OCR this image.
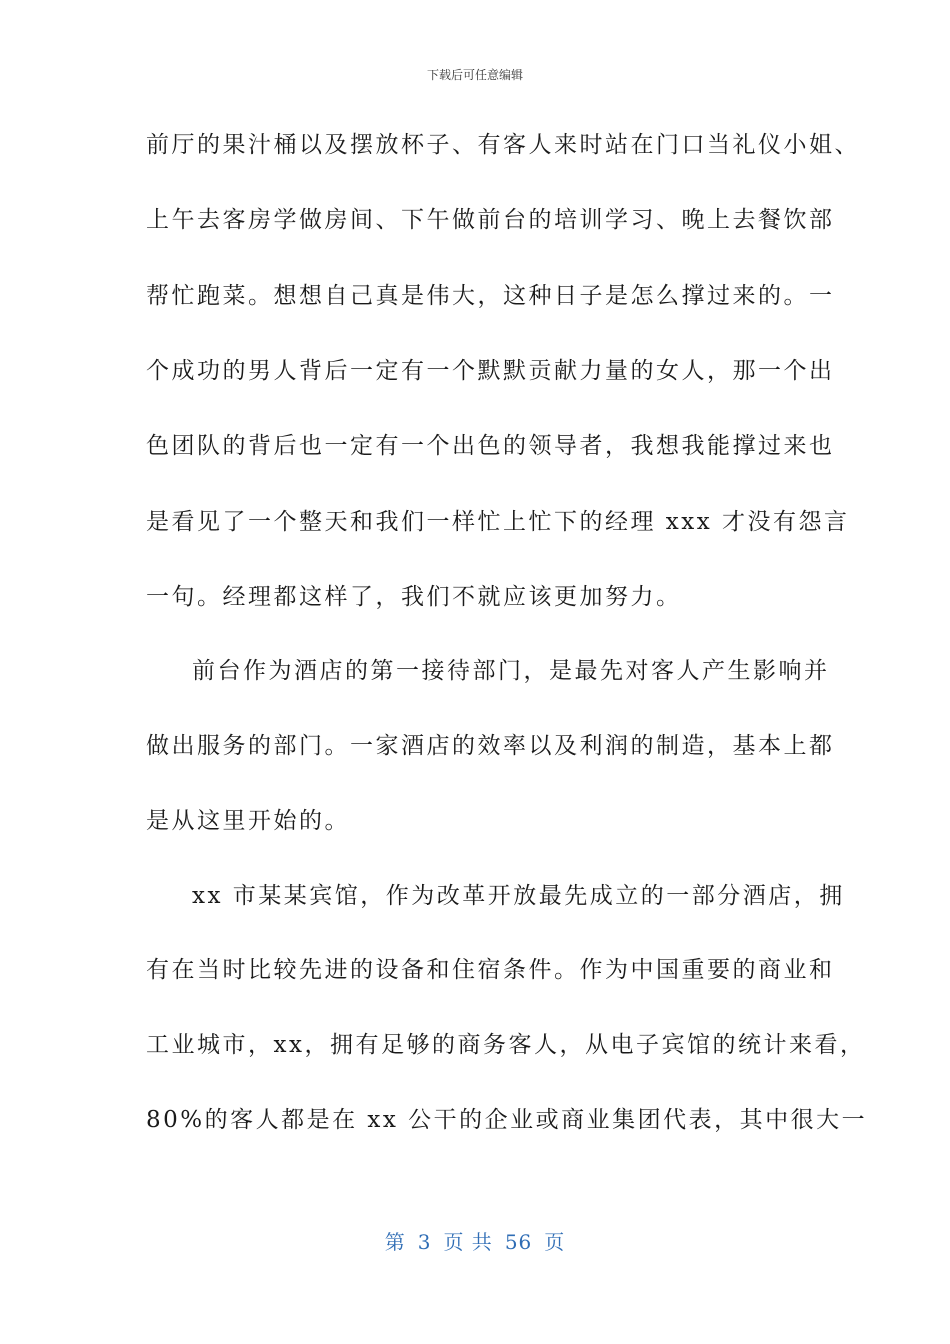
下载后可任意编辑
前厅的果汁桶以及摆放杯子、有客人来时站在门口当礼仪小姐、
上午去客房学做房间、下午做前台的培训学习、晚上去餐饮部
帮忙跑菜。想想自己真是伟大，这种日子是怎么撑过来的。一
个成功的男人背后一定有一个默默贡献力量的女人，那一个出
色团队的背后也一定有一个出色的领导者，我想我能撑过来也
是看见了一个整天和我们一样忙上忙下的经理 xxx 才没有怨言
一句。经理都这样了，我们不就应该更加努力。
前台作为酒店的第一接待部门，是最先对客人产生影响并
做出服务的部门。一家酒店的效率以及利润的制造，基本上都
是从这里开始的。
xx 市某某宾馆，作为改革开放最先成立的一部分酒店，拥
有在当时比较先进的设备和住宿条件。作为中国重要的商业和
工业城市，xx，拥有足够的商务客人，从电子宾馆的统计来看，
80%的客人都是在 xx 公干的企业或商业集团代表，其中很大一
第 3 页 共 56 页
